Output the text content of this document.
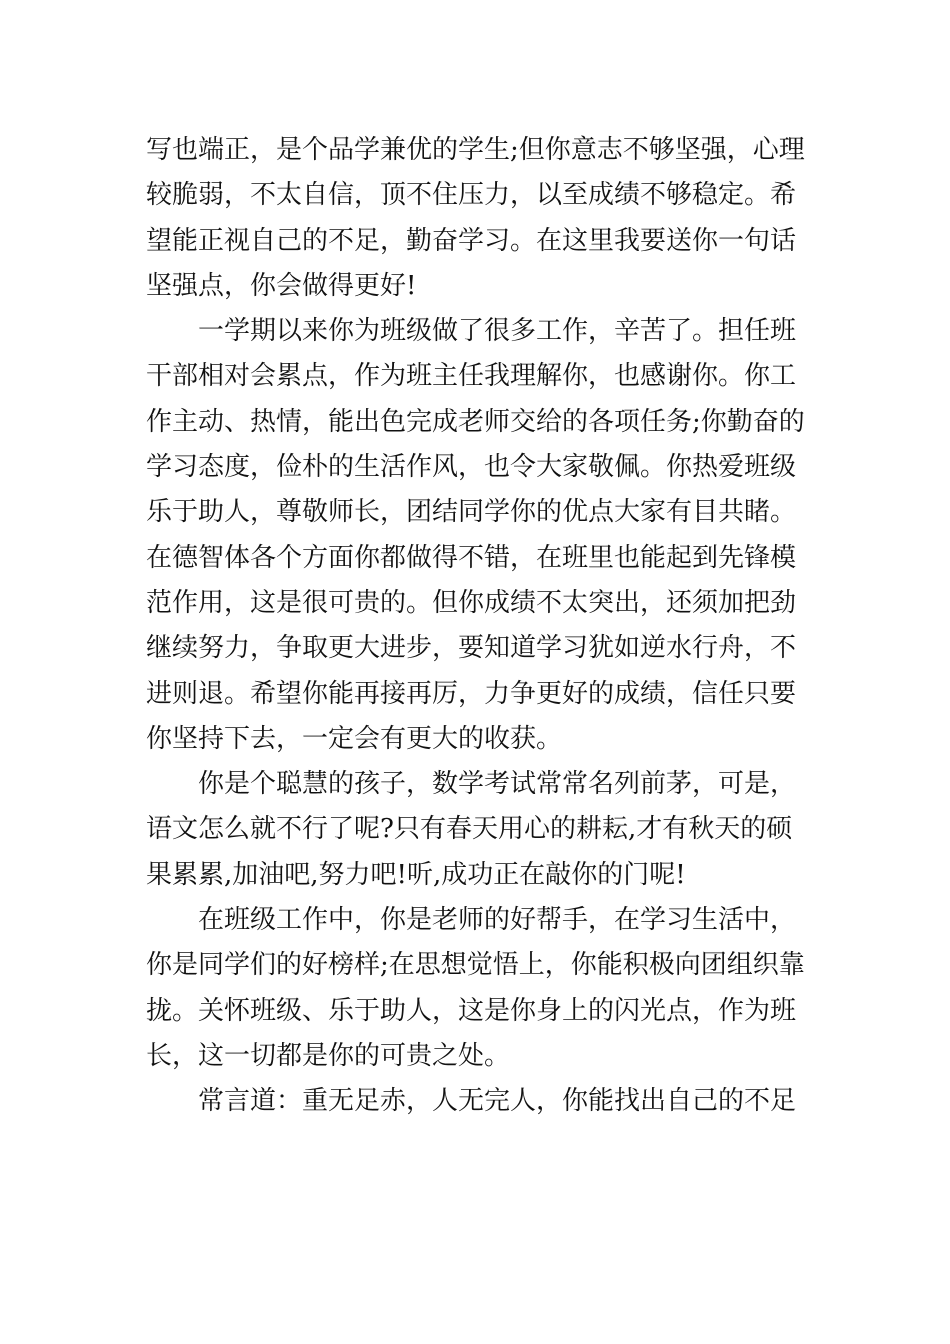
写也端正，是个品学兼优的学生;但你意志不够坚强，心理
较脆弱，不太自信，顶不住压力，以至成绩不够稳定。希
望能正视自己的不足，勤奋学习。在这里我要送你一句话
坚强点，你会做得更好!
一学期以来你为班级做了很多工作，辛苦了。担任班
干部相对会累点，作为班主任我理解你，也感谢你。你工
作主动、热情，能出色完成老师交给的各项任务;你勤奋的
学习态度，俭朴的生活作风，也令大家敬佩。你热爱班级
乐于助人，尊敬师长，团结同学你的优点大家有目共睹。
在德智体各个方面你都做得不错，在班里也能起到先锋模
范作用，这是很可贵的。但你成绩不太突出，还须加把劲
继续努力，争取更大进步，要知道学习犹如逆水行舟，不
进则退。希望你能再接再厉，力争更好的成绩，信任只要
你坚持下去，一定会有更大的收获。
你是个聪慧的孩子，数学考试常常名列前茅，可是，
语文怎么就不行了呢?只有春天用心的耕耘,才有秋天的硕
果累累,加油吧,努力吧!听,成功正在敲你的门呢!
在班级工作中，你是老师的好帮手，在学习生活中，
你是同学们的好榜样;在思想觉悟上，你能积极向团组织靠
拢。关怀班级、乐于助人，这是你身上的闪光点，作为班
长，这一切都是你的可贵之处。
常言道：重无足赤，人无完人，你能找出自己的不足
